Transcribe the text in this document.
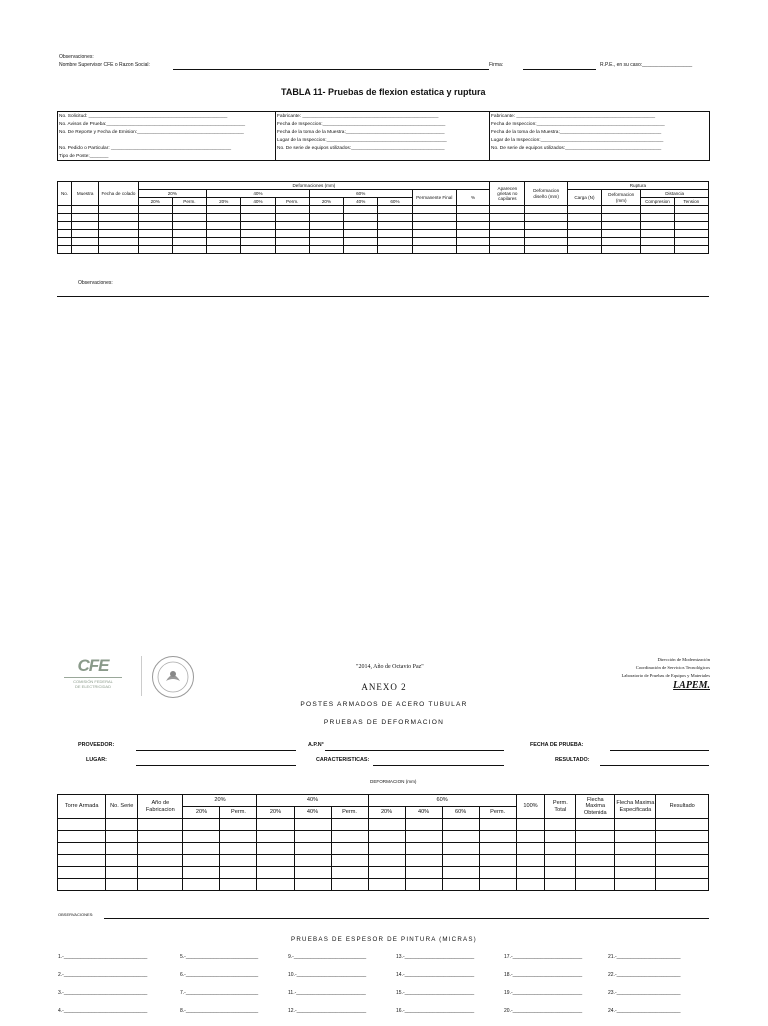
Observaciones:
Nombre Supervisor CFE o Razon Social:	Firma:	R.P.E., en su caso:__________________
TABLA 11- Pruebas de flexion estatica y ruptura
No. Solicitud: ____________________________________________________	Fabricante: ___________________________________________________	Fabricante: ____________________________________________________
No. Avisos de Prueba:____________________________________________________	Fecha de Inspeccion:______________________________________________	Fecha de Inspeccion:________________________________________________
No. De Reporte y Fecha de Emision:________________________________________	Fecha de la toma de la Muestra:_____________________________________	Fecha de la toma de la Muestra:______________________________________
	Lugar de la Inspeccion:_____________________________________________	Lugar de la Inspeccion:______________________________________________
No. Pedido o Particular: _____________________________________________	No. De serie de equipos utilizados:___________________________________	No. De serie de equipos utilizados:____________________________________
Tipo de Poste:_______		
No.	Muestra	Fecha de colado	Deformaciones (mm)										Aparecen grietas no capilares	Deformacion diseño (mm)	Ruptura			
			20%		40%			60%			Permanente Final	%			Carga (N)	Deformacion (mm)	Distancia	
			20%	Perm.	20%	40%	Perm.	20%	40%	60%							Compresion	Tension

Observaciones:
CFE
COMISIÓN FEDERAL
DE ELECTRICIDAD
"2014, Año de Octavio Paz"
Dirección de Modernización
Coordinación de Servicios Tecnológicos
Laboratorio de Pruebas de Equipos y Materiales
LAPEM.
ANEXO 2
POSTES ARMADOS DE ACERO TUBULAR
PRUEBAS DE DEFORMACION
PROVEEDOR:	A.P.N°	FECHA DE PRUEBA:
LUGAR:	CARACTERISTICAS:	RESULTADO:
DEFORMACION (mm)
Torre Armada	No. Serie	Año de Fabricacion	20%		40%			60%				100%	Perm. Total	Flecha Maxima Obtenida	Flecha Maxima Especificada	Resultado
			20%	Perm.	20%	40%	Perm.	20%	40%	60%	Perm.					

OBSERVACIONES:
PRUEBAS DE ESPESOR DE PINTURA (MICRAS)
1.-______________________________	5.-__________________________	9.-__________________________	13.-_________________________	17.-_________________________	21.-_______________________
2.-______________________________	6.-__________________________	10.-_________________________	14.-_________________________	18.-_________________________	22.-_______________________
3.-______________________________	7.-__________________________	11.-_________________________	15.-_________________________	19.-_________________________	23.-_______________________
4.-______________________________	8.-__________________________	12.-_________________________	16.-_________________________	20.-_________________________	24.-_______________________
